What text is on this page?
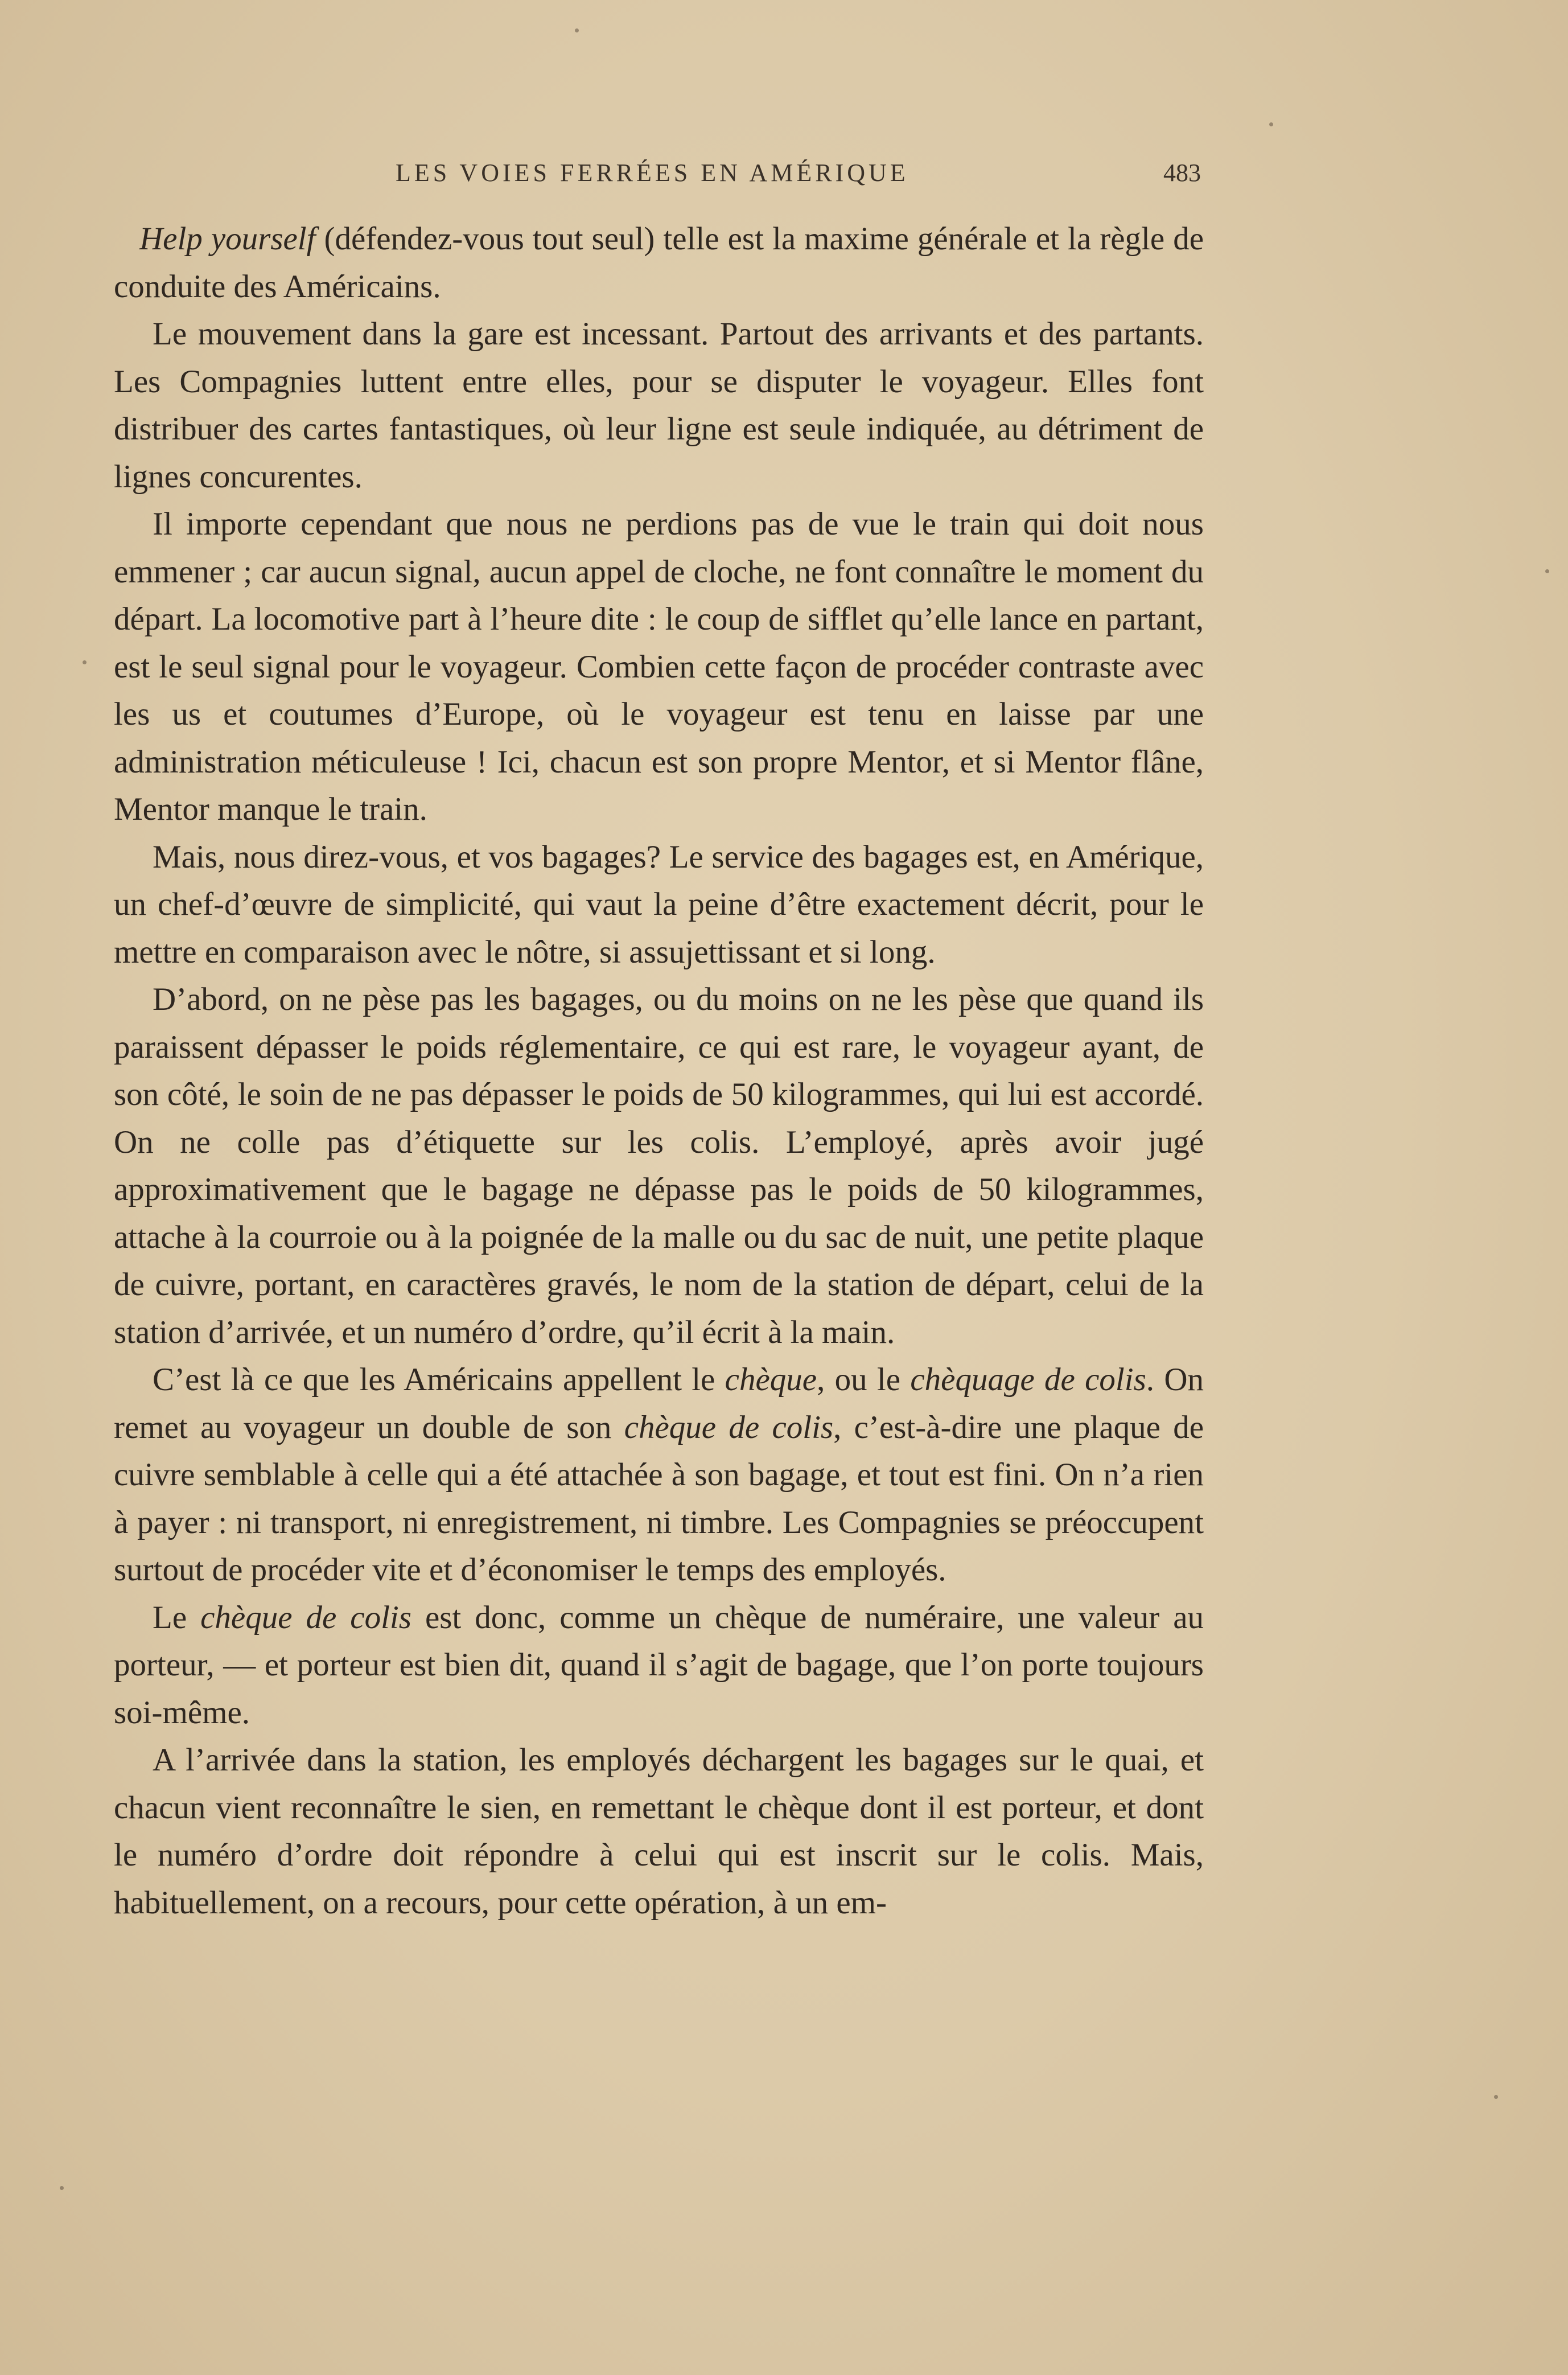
LES VOIES FERRÉES EN AMÉRIQUE	483

Help yourself (défendez-vous tout seul) telle est la maxime générale et la règle de conduite des Américains.

Le mouvement dans la gare est incessant. Partout des arrivants et des partants. Les Compagnies luttent entre elles, pour se disputer le voyageur. Elles font distribuer des cartes fantastiques, où leur ligne est seule indiquée, au détriment de lignes concurentes.

Il importe cependant que nous ne perdions pas de vue le train qui doit nous emmener ; car aucun signal, aucun appel de cloche, ne font connaître le moment du départ. La locomotive part à l’heure dite : le coup de sifflet qu’elle lance en partant, est le seul signal pour le voyageur. Combien cette façon de procéder contraste avec les us et coutumes d’Europe, où le voyageur est tenu en laisse par une administration méticuleuse ! Ici, chacun est son propre Mentor, et si Mentor flâne, Mentor manque le train.

Mais, nous direz-vous, et vos bagages? Le service des bagages est, en Amérique, un chef-d’œuvre de simplicité, qui vaut la peine d’être exactement décrit, pour le mettre en comparaison avec le nôtre, si assujettissant et si long.

D’abord, on ne pèse pas les bagages, ou du moins on ne les pèse que quand ils paraissent dépasser le poids réglementaire, ce qui est rare, le voyageur ayant, de son côté, le soin de ne pas dépasser le poids de 50 kilogrammes, qui lui est accordé. On ne colle pas d’étiquette sur les colis. L’employé, après avoir jugé approximativement que le bagage ne dépasse pas le poids de 50 kilogrammes, attache à la courroie ou à la poignée de la malle ou du sac de nuit, une petite plaque de cuivre, portant, en caractères gravés, le nom de la station de départ, celui de la station d’arrivée, et un numéro d’ordre, qu’il écrit à la main.

C’est là ce que les Américains appellent le chèque, ou le chèquage de colis. On remet au voyageur un double de son chèque de colis, c’est-à-dire une plaque de cuivre semblable à celle qui a été attachée à son bagage, et tout est fini. On n’a rien à payer : ni transport, ni enregistrement, ni timbre. Les Compagnies se préoccupent surtout de procéder vite et d’économiser le temps des employés.

Le chèque de colis est donc, comme un chèque de numéraire, une valeur au porteur, — et porteur est bien dit, quand il s’agit de bagage, que l’on porte toujours soi-même.

A l’arrivée dans la station, les employés déchargent les bagages sur le quai, et chacun vient reconnaître le sien, en remettant le chèque dont il est porteur, et dont le numéro d’ordre doit répondre à celui qui est inscrit sur le colis. Mais, habituellement, on a recours, pour cette opération, à un em-
